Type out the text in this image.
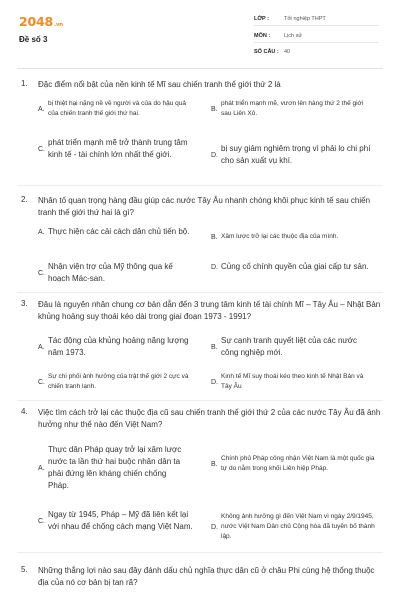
2048.vn
Đề số 3
LỚP :	Tốt nghiệp THPT
MÔN :	Lịch sử
SỐ CÂU : 40
1. Đặc điểm nổi bật của nền kinh tế Mĩ sau chiến tranh thế giới thứ 2 là
A.
bị thiệt hại nặng nề về người và của do hậu quả của chiến tranh thế giới thứ hai.
B.
phát triển mạnh mẽ, vươn lên hàng thứ 2 thế giới sau Liên Xô.
C.
phát triển mạnh mẽ trở thành trung tâm kinh tế - tài chính lớn nhất thế giới.	D.
bị suy giảm nghiêm trọng vì phải lo chi phí cho sản xuất vụ khí.
2. Nhân tố quan trọng hàng đầu giúp các nước Tây Âu nhanh chóng khôi phục kinh tế sau chiến tranh thế giới thứ hai là gì?
A. Thực hiện các cải cách dân chủ tiến bộ.
B. Xâm lược trở lại các thuộc địa của mình.
C.
Nhận viện trợ của Mỹ thông qua kế hoạch Mác-san.
D. Củng cố chính quyền của giai cấp tư sản.
3. Đâu là nguyên nhân chung cơ bản dẫn đến 3 trung tâm kinh tế tài chính Mĩ – Tây Âu – Nhật Bản khủng hoảng suy thoái kéo dài trong giai đoạn 1973 - 1991?
A.
Tác động của khủng hoảng năng lượng năm 1973.
B.
Sự cạnh tranh quyết liệt của các nước công nghiệp mới.
C.
Sự chi phối ảnh hưởng của trật thế giới 2 cực và chiến tranh lạnh.
D.
Kinh tế Mĩ suy thoái kéo theo kinh tế Nhật Bản và Tây Âu
4. Việc tìm cách trở lại các thuộc địa cũ sau chiến tranh thế giới thứ 2 của các nước Tây Âu đã ảnh hưởng như thế nào đến Việt Nam?
A.
Thực dân Pháp quay trở lại xâm lược nước ta lần thứ hai buộc nhân dân ta phải đứng lên kháng chiến chống Pháp.
B.
Chính phủ Pháp công nhận Việt Nam là một quốc gia tự do nằm trong khối Liên hiệp Pháp.
C.
Ngay từ 1945, Pháp – Mỹ đã liên kết lại với nhau để chống cách mạng Việt Nam.	D.
Không ảnh hưởng gì đến Việt Nam vì ngày 2/9/1945, nước Việt Nam Dân chủ Cộng hòa đã tuyên bố thành lập.
5. Những thắng lợi nào sau đây đánh dấu chủ nghĩa thực dân cũ ở châu Phi cùng hệ thống thuộc địa của nó cơ bản bị tan rã?
